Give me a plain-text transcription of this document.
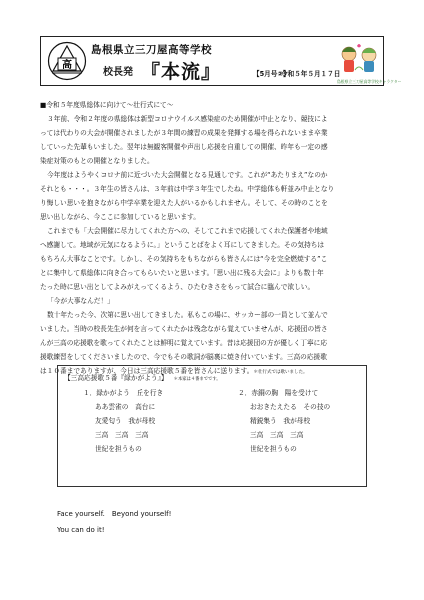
高
島根県立三刀屋高等学校
校長発 『本流』	【5月号②】
令和５年５月１７日
島根県立三刀屋高等学校キャラクター
■令和５年度県総体に向けて～壮行式にて～
３年前、令和２年度の県総体は新型コロナウイルス感染症のため開催が中止となり、競技によ
っては代わりの大会が開催されましたが３年間の練習の成果を発揮する場を得られないまま卒業
していった先輩もいました。翌年は無観客開催や声出し応援を自重しての開催、昨年も一定の感
染症対策のもとの開催となりました。
今年度はようやくコロナ前に近づいた大会開催となる見通しです。これが“あたりまえ”なのか
それとも・・・。３年生の皆さんは、３年前は中学３年生でしたね。中学総体も軒並み中止となり
り悔しい思いを抱きながら中学卒業を迎えた人がいるかもしれません。そして、その時のことを
思い出しながら、今ここに参加していると思います。
これまでも「大会開催に尽力してくれた方への、そしてこれまで応援してくれた保護者や地域
へ感謝して。地域が元気になるように。」ということばをよく耳にしてきました。その気持ちは
もちろん大事なことです。しかし、その気持ちをもちながらも皆さんには“今を完全燃焼する”こ
とに集中して県総体に向き合ってもらいたいと思います。「思い出に残る大会に」よりも数十年
たった時に思い出としてよみがえってくるよう、ひたむきさをもって試合に臨んで欲しい。
「今が大事なんだ！」
数十年たった今、次第に思い出してきました。私もこの場に、サッカー部の一員として並んで
いました。当時の校長先生が何を言ってくれたかは残念ながら覚えていませんが、応援団の皆さ
んが三高の応援歌を歌ってくれたことは鮮明に覚えています。昔は応援団の方が優しく丁寧に応
援歌練習をしてくださいましたので、今でもその歌詞が脳裏に焼き付いています。三高の応援歌
は１０番までありますが、今日は三高応援歌５番を皆さんに送ります。＊壮行式では歌いました。
【三高応援歌５番『緑かがよう』】 ＊本家は４番までです。
１．緑かがよう　丘を行き
ああ雲雀の　高台に
友愛匂う　我が母校
三高　三高　三高
世紀を担うもの
２．赤銅の胸　陽を受けて
おおきたえたる　その技の
精鋭集う　我が母校
三高　三高　三高
世紀を担うもの
Face yourself.　Beyond yourself!
You can do it!
